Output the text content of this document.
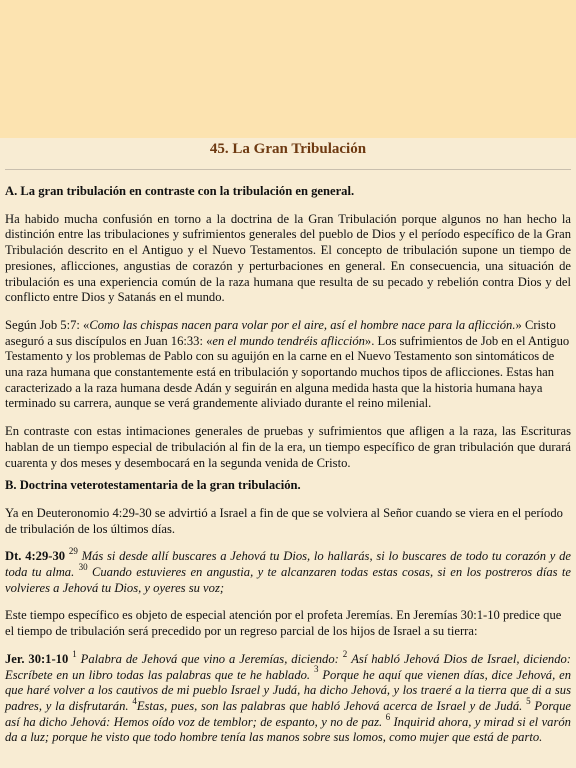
45. La Gran Tribulación

A. La gran tribulación en contraste con la tribulación en general.

Ha habido mucha confusión en torno a la doctrina de la Gran Tribulación porque algunos no han hecho la distinción entre las tribulaciones y sufrimientos generales del pueblo de Dios y el período específico de la Gran Tribulación descrito en el Antiguo y el Nuevo Testamentos. El concepto de tribulación supone un tiempo de presiones, aflicciones, angustias de corazón y perturbaciones en general. En consecuencia, una situación de tribulación es una experiencia común de la raza humana que resulta de su pecado y rebelión contra Dios y del conflicto entre Dios y Satanás en el mundo.

Según Job 5:7: «Como las chispas nacen para volar por el aire, así el hombre nace para la aflicción.» Cristo aseguró a sus discípulos en Juan 16:33: «en el mundo tendréis aflicción». Los sufrimientos de Job en el Antiguo Testamento y los problemas de Pablo con su aguijón en la carne en el Nuevo Testamento son sintomáticos de una raza humana que constantemente está en tribulación y soportando muchos tipos de aflicciones. Estas han caracterizado a la raza humana desde Adán y seguirán en alguna medida hasta que la historia humana haya terminado su carrera, aunque se verá grandemente aliviado durante el reino milenial.

En contraste con estas intimaciones generales de pruebas y sufrimientos que afligen a la raza, las Escrituras hablan de un tiempo especial de tribulación al fin de la era, un tiempo específico de gran tribulación que durará cuarenta y dos meses y desembocará en la segunda venida de Cristo.

B. Doctrina veterotestamentaria de la gran tribulación.

Ya en Deuteronomio 4:29-30 se advirtió a Israel a fin de que se volviera al Señor cuando se viera en el período de tribulación de los últimos días.

Dt. 4:29-30 $^{29}$ Más si desde allí buscares a Jehová tu Dios, lo hallarás, si lo buscares de todo tu corazón y de toda tu alma. $^{30}$ Cuando estuvieres en angustia, y te alcanzaren todas estas cosas, si en los postreros días te volvieres a Jehová tu Dios, y oyeres su voz;

Este tiempo específico es objeto de especial atención por el profeta Jeremías. En Jeremías 30:1-10 predice que el tiempo de tribulación será precedido por un regreso parcial de los hijos de Israel a su tierra:

Jer. 30:1-10 $^1$ Palabra de Jehová que vino a Jeremías, diciendo: $^2$ Así habló Jehová Dios de Israel, diciendo: Escríbete en un libro todas las palabras que te he hablado. $^3$ Porque he aquí que vienen días, dice Jehová, en que haré volver a los cautivos de mi pueblo Israel y Judá, ha dicho Jehová, y los traeré a la tierra que di a sus padres, y la disfrutarán. $^4$Estas, pues, son las palabras que habló Jehová acerca de Israel y de Judá. $^5$ Porque así ha dicho Jehová: Hemos oído voz de temblor; de espanto, y no de paz. $^6$ Inquirid ahora, y mirad si el varón da a luz; porque he visto que todo hombre tenía las manos sobre sus lomos, como mujer que está de parto.
